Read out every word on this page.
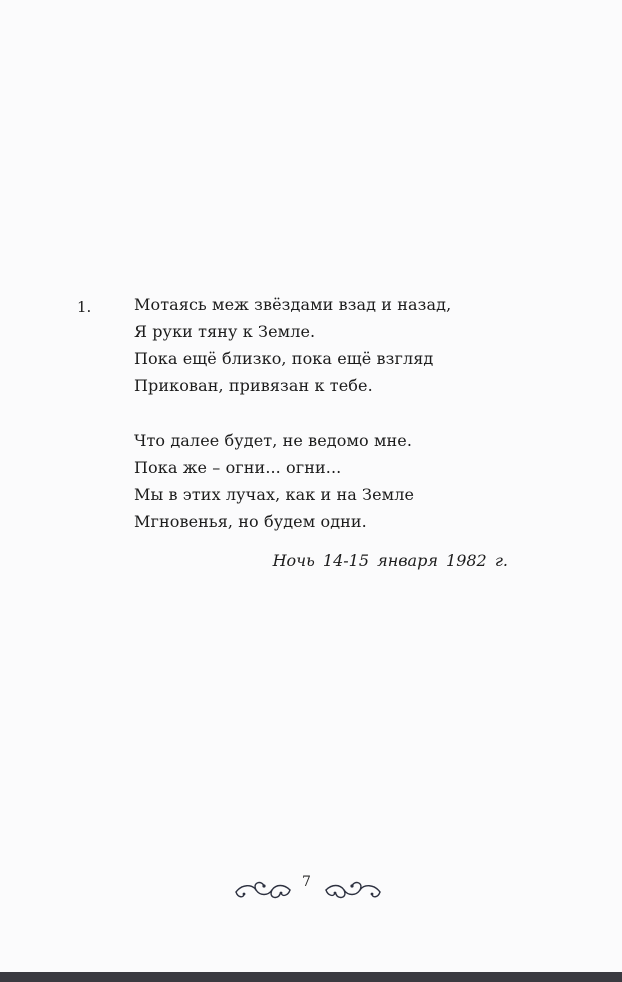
1.	Мотаясь меж звёздами взад и назад,
Я руки тяну к Земле.
Пока ещё близко, пока ещё взгляд
Прикован, привязан к тебе.
Что далее будет, не ведомо мне.
Пока же – огни... огни...
Мы в этих лучах, как и на Земле
Мгновенья, но будем одни.
Ночь 14-15 января 1982 г.
7
